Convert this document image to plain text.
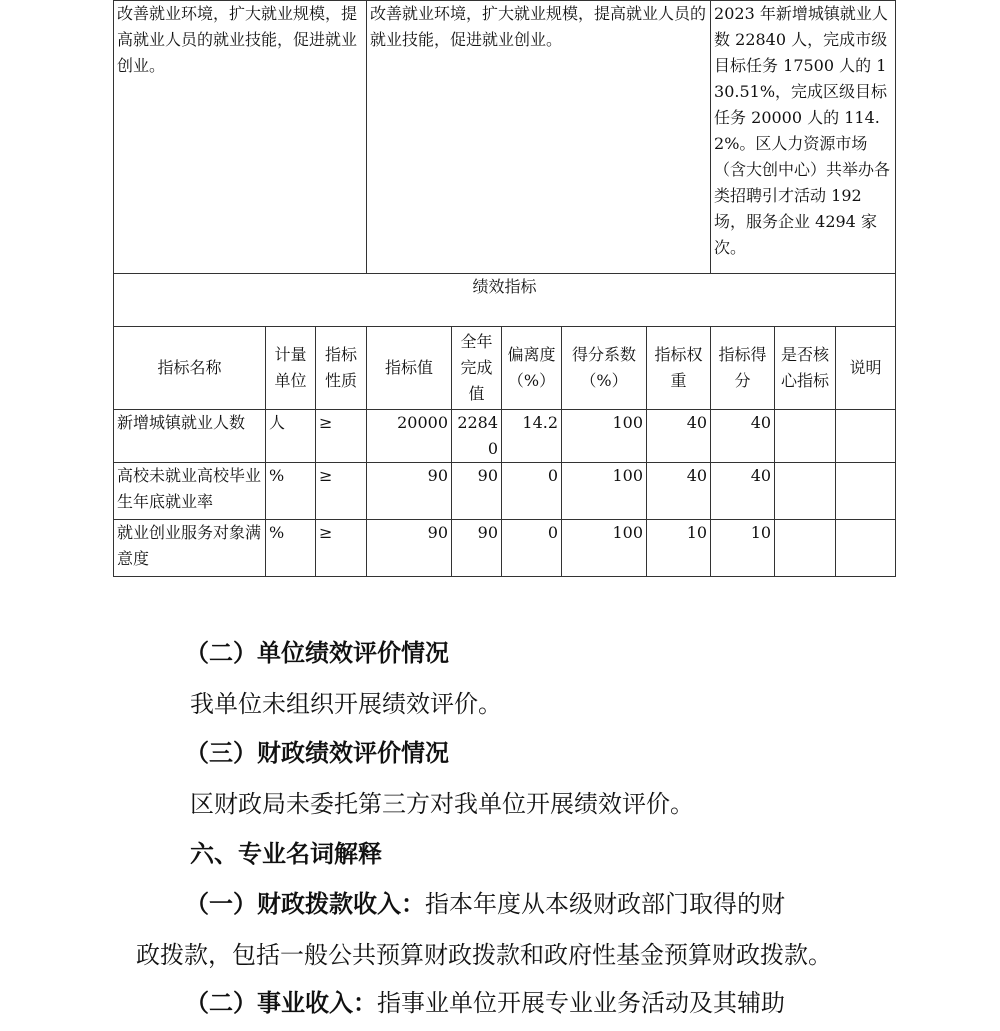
改善就业环境，扩大就业规模，提高就业人员的就业技能，促进就业创业。			改善就业环境，扩大就业规模，提高就业人员的就业技能，促进就业创业。					2023 年新增城镇就业人数 22840 人，完成市级目标任务 17500 人的 130.51%，完成区级目标任务 20000 人的 114.2%。区人力资源市场（含大创中心）共举办各类招聘引才活动 192 场，服务企业 4294 家次。		
绩效指标										
指标名称	计量单位	指标性质	指标值	全年完成值	偏离度（%）	得分系数（%）	指标权重	指标得分	是否核心指标	说明
新增城镇就业人数	人	≥	20000	22840	14.2	100	40	40		
高校未就业高校毕业生年底就业率	%	≥	90	90	0	100	40	40		
就业创业服务对象满意度	%	≥	90	90	0	100	10	10		
（二）单位绩效评价情况
我单位未组织开展绩效评价。
（三）财政绩效评价情况
区财政局未委托第三方对我单位开展绩效评价。
六、专业名词解释
（一）财政拨款收入：指本年度从本级财政部门取得的财
政拨款，包括一般公共预算财政拨款和政府性基金预算财政拨款。
（二）事业收入：指事业单位开展专业业务活动及其辅助
